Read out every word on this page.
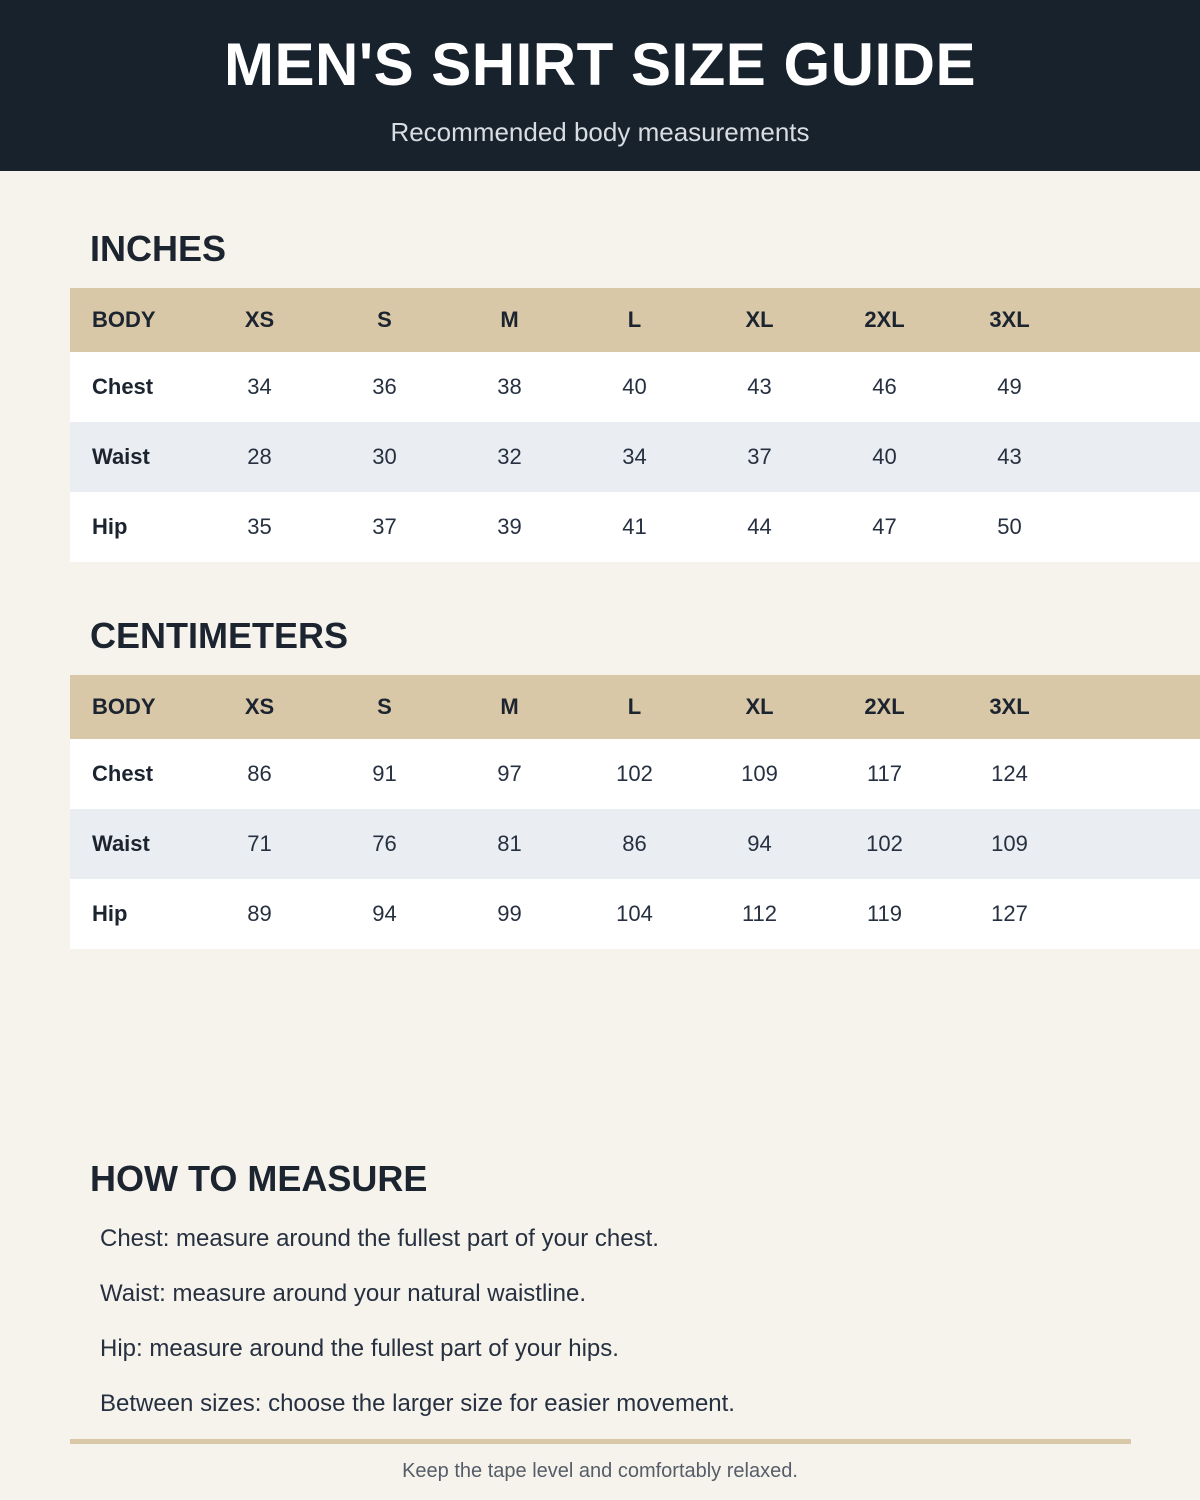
MEN'S SHIRT SIZE GUIDE
Recommended body measurements
INCHES
BODY	XS	S	M	L	XL	2XL	3XL	
Chest	34	36	38	40	43	46	49	
Waist	28	30	32	34	37	40	43	
Hip	35	37	39	41	44	47	50	
CENTIMETERS
BODY	XS	S	M	L	XL	2XL	3XL	
Chest	86	91	97	102	109	117	124	
Waist	71	76	81	86	94	102	109	
Hip	89	94	99	104	112	119	127	
HOW TO MEASURE
Chest: measure around the fullest part of your chest.
Waist: measure around your natural waistline.
Hip: measure around the fullest part of your hips.
Between sizes: choose the larger size for easier movement.
Keep the tape level and comfortably relaxed.
